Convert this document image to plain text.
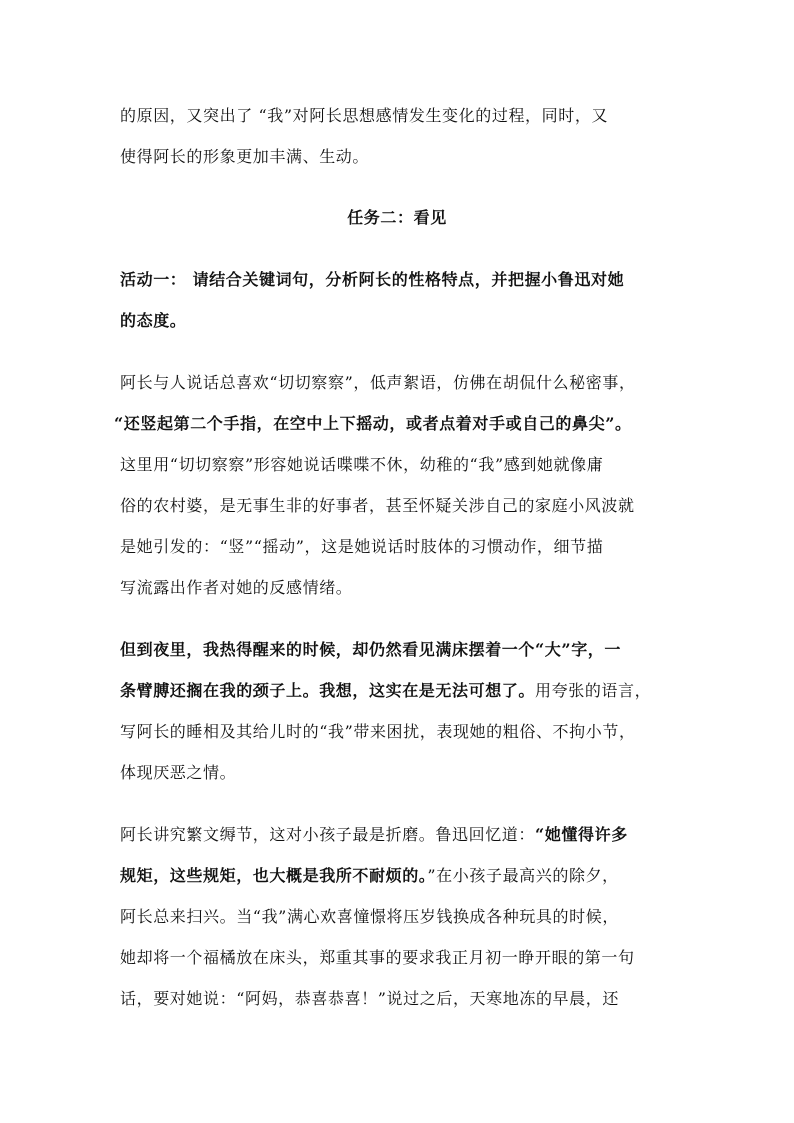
的原因，又突出了 “我”对阿长思想感情发生变化的过程，同时，又
使得阿长的形象更加丰满、生动。
任务二：看见
活动一： 请结合关键词句，分析阿长的性格特点，并把握小鲁迅对她
的态度。
阿长与人说话总喜欢“切切察察”，低声絮语，仿佛在胡侃什么秘密事，
“还竖起第二个手指，在空中上下摇动，或者点着对手或自己的鼻尖”。
这里用“切切察察”形容她说话喋喋不休，幼稚的“我”感到她就像庸
俗的农村婆，是无事生非的好事者，甚至怀疑关涉自己的家庭小风波就
是她引发的：“竖”“摇动”，这是她说话时肢体的习惯动作，细节描
写流露出作者对她的反感情绪。
但到夜里，我热得醒来的时候，却仍然看见满床摆着一个“大”字，一
条臂膊还搁在我的颈子上。我想，这实在是无法可想了。用夸张的语言，
写阿长的睡相及其给儿时的“我”带来困扰，表现她的粗俗、不拘小节，
体现厌恶之情。
阿长讲究繁文缛节，这对小孩子最是折磨。鲁迅回忆道：“她懂得许多
规矩，这些规矩，也大概是我所不耐烦的。”在小孩子最高兴的除夕，
阿长总来扫兴。当“我”满心欢喜憧憬将压岁钱换成各种玩具的时候，
她却将一个福橘放在床头，郑重其事的要求我正月初一睁开眼的第一句
话，要对她说：“阿妈，恭喜恭喜！”说过之后，天寒地冻的早晨，还
